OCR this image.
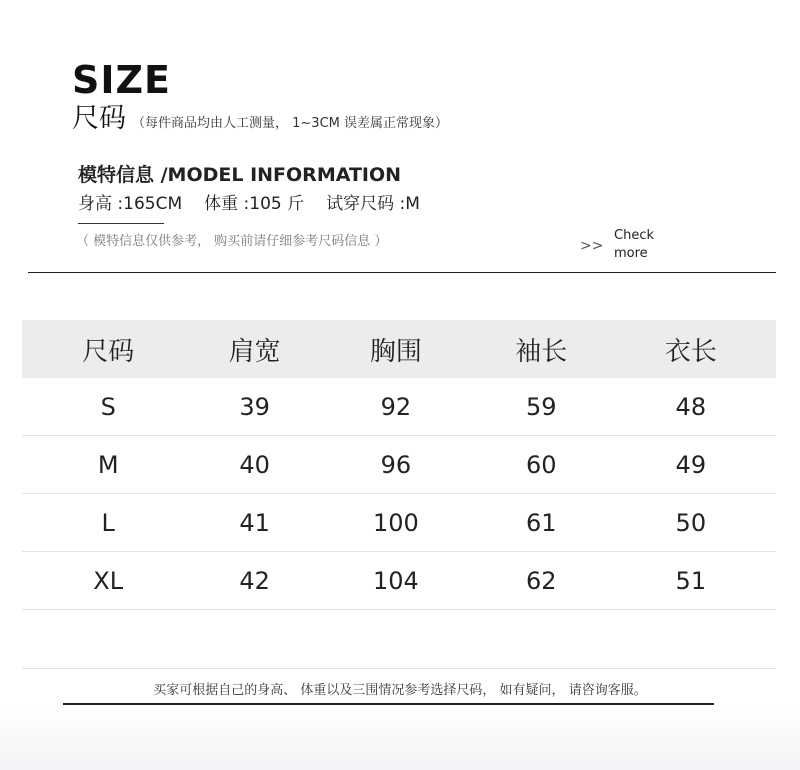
SIZE
尺码 （每件商品均由人工测量， 1~3CM 误差属正常现象）
模特信息 /MODEL INFORMATION
身高 :165CM 体重 :105 斤 试穿尺码 :M
（ 模特信息仅供参考， 购买前请仔细参考尺码信息 ）	>>
Check more
尺码	肩宽	胸围	袖长	衣长
S	39	92	59	48
M	40	96	60	49
L	41	100	61	50
XL	42	104	62	51
买家可根据自己的身高、 体重以及三围情况参考选择尺码， 如有疑问， 请咨询客服。
